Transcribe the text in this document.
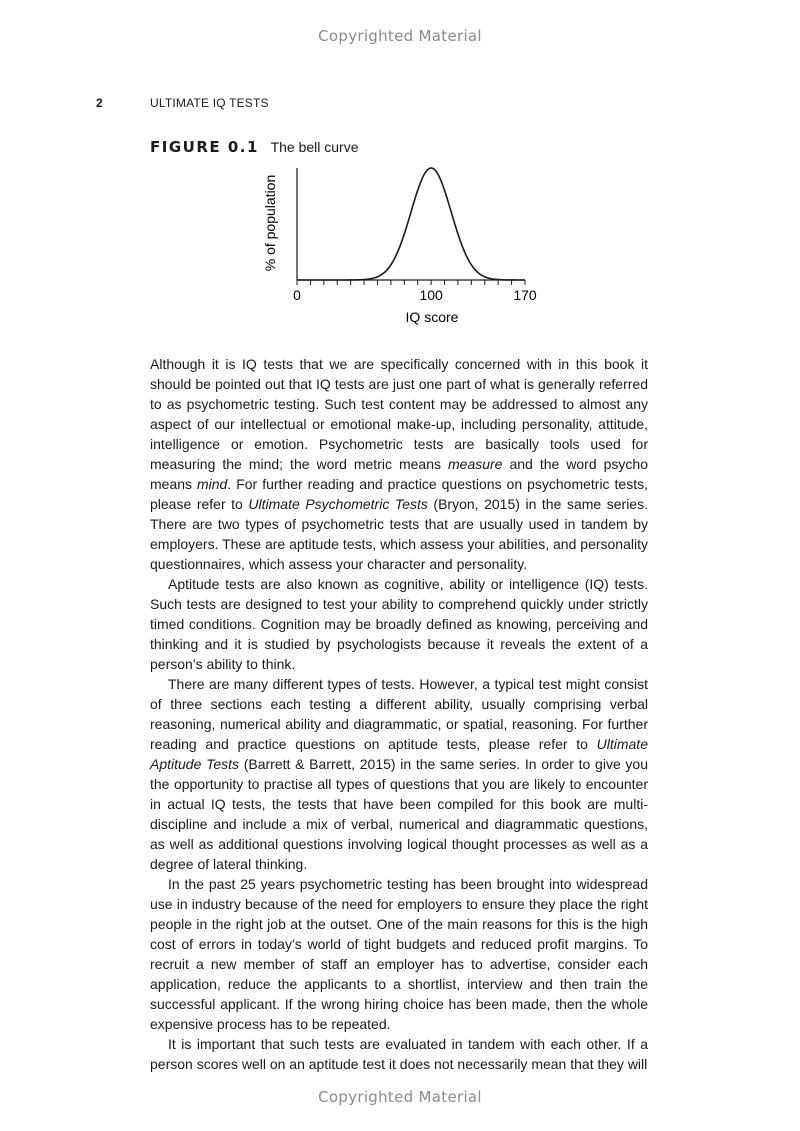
Copyrighted Material
2	ULTIMATE IQ TESTS
FIGURE 0.1 The bell curve
0	100	170
IQ score
% of population

Although it is IQ tests that we are specifically concerned with in this book it should be pointed out that IQ tests are just one part of what is generally referred to as psychometric testing. Such test content may be addressed to almost any aspect of our intellectual or emotional make-up, including personality, attitude, intelligence or emotion. Psychometric tests are basically tools used for measuring the mind; the word metric means measure and the word psycho means mind. For further reading and practice questions on psychometric tests, please refer to Ultimate Psychometric Tests (Bryon, 2015) in the same series. There are two types of psychometric tests that are usually used in tandem by employers. These are aptitude tests, which assess your abilities, and personality questionnaires, which assess your character and personality.

Aptitude tests are also known as cognitive, ability or intelligence (IQ) tests. Such tests are designed to test your ability to comprehend quickly under strictly timed conditions. Cognition may be broadly defined as knowing, perceiving and thinking and it is studied by psychologists because it reveals the extent of a person’s ability to think.

There are many different types of tests. However, a typical test might consist of three sections each testing a different ability, usually comprising verbal reasoning, numerical ability and diagrammatic, or spatial, reasoning. For further reading and practice questions on aptitude tests, please refer to Ultimate Aptitude Tests (Barrett & Barrett, 2015) in the same series. In order to give you the opportunity to practise all types of questions that you are likely to encounter in actual IQ tests, the tests that have been compiled for this book are multi-discipline and include a mix of verbal, numerical and diagrammatic questions, as well as additional questions involving logical thought processes as well as a degree of lateral thinking.

In the past 25 years psychometric testing has been brought into widespread use in industry because of the need for employers to ensure they place the right people in the right job at the outset. One of the main reasons for this is the high cost of errors in today’s world of tight budgets and reduced profit margins. To recruit a new member of staff an employer has to advertise, consider each application, reduce the applicants to a shortlist, interview and then train the successful applicant. If the wrong hiring choice has been made, then the whole expensive process has to be repeated.

It is important that such tests are evaluated in tandem with each other. If a person scores well on an aptitude test it does not necessarily mean that they will

Copyrighted Material
